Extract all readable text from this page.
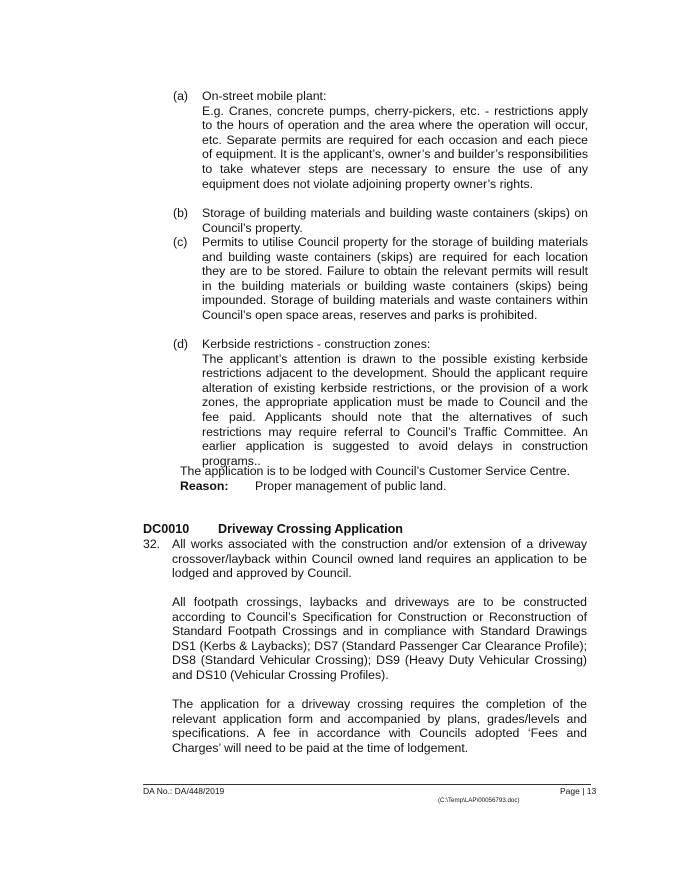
(a)	On-street mobile plant:
E.g. Cranes, concrete pumps, cherry-pickers, etc. - restrictions apply to the hours of operation and the area where the operation will occur, etc. Separate permits are required for each occasion and each piece of equipment. It is the applicant’s, owner’s and builder’s responsibilities to take whatever steps are necessary to ensure the use of any equipment does not violate adjoining property owner’s rights.

(b)	Storage of building materials and building waste containers (skips) on Council’s property.

(c)	Permits to utilise Council property for the storage of building materials and building waste containers (skips) are required for each location they are to be stored. Failure to obtain the relevant permits will result in the building materials or building waste containers (skips) being impounded. Storage of building materials and waste containers within Council’s open space areas, reserves and parks is prohibited.

(d)	Kerbside restrictions - construction zones:
The applicant’s attention is drawn to the possible existing kerbside restrictions adjacent to the development. Should the applicant require alteration of existing kerbside restrictions, or the provision of a work zones, the appropriate application must be made to Council and the fee paid. Applicants should note that the alternatives of such restrictions may require referral to Council’s Traffic Committee. An earlier application is suggested to avoid delays in construction programs..

The application is to be lodged with Council’s Customer Service Centre.
Reason: Proper management of public land.
DC0010 Driveway Crossing Application
32. All works associated with the construction and/or extension of a driveway crossover/layback within Council owned land requires an application to be lodged and approved by Council.

All footpath crossings, laybacks and driveways are to be constructed according to Council’s Specification for Construction or Reconstruction of Standard Footpath Crossings and in compliance with Standard Drawings DS1 (Kerbs & Laybacks); DS7 (Standard Passenger Car Clearance Profile); DS8 (Standard Vehicular Crossing); DS9 (Heavy Duty Vehicular Crossing) and DS10 (Vehicular Crossing Profiles).

The application for a driveway crossing requires the completion of the relevant application form and accompanied by plans, grades/levels and specifications. A fee in accordance with Councils adopted ‘Fees and Charges’ will need to be paid at the time of lodgement.

DA No.: DA/448/2019	Page | 13
(C:\Temp\LAP\00056793.doc)
